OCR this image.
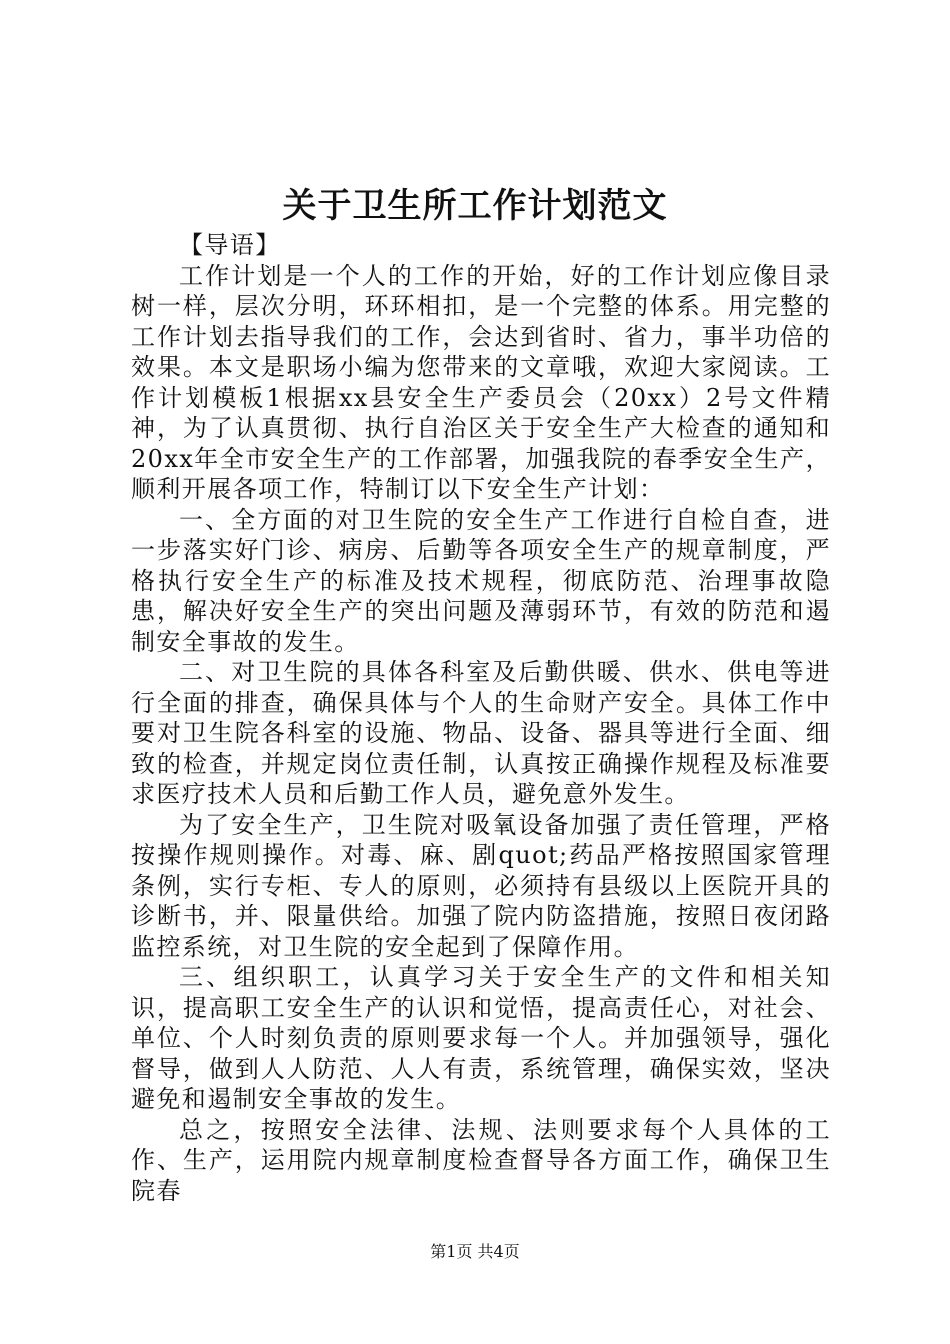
关于卫生所工作计划范文

【导语】

工作计划是一个人的工作的开始，好的工作计划应像目录树一样，层次分明，环环相扣，是一个完整的体系。用完整的工作计划去指导我们的工作，会达到省时、省力，事半功倍的效果。本文是职场小编为您带来的文章哦，欢迎大家阅读。工作计划模板1根据xx县安全生产委员会（20xx）2号文件精神，为了认真贯彻、执行自治区关于安全生产大检查的通知和20xx年全市安全生产的工作部署，加强我院的春季安全生产，顺利开展各项工作，特制订以下安全生产计划：

一、全方面的对卫生院的安全生产工作进行自检自查，进一步落实好门诊、病房、后勤等各项安全生产的规章制度，严格执行安全生产的标准及技术规程，彻底防范、治理事故隐患，解决好安全生产的突出问题及薄弱环节，有效的防范和遏制安全事故的发生。

二、对卫生院的具体各科室及后勤供暖、供水、供电等进行全面的排查，确保具体与个人的生命财产安全。具体工作中要对卫生院各科室的设施、物品、设备、器具等进行全面、细致的检查，并规定岗位责任制，认真按正确操作规程及标准要求医疗技术人员和后勤工作人员，避免意外发生。

为了安全生产，卫生院对吸氧设备加强了责任管理，严格按操作规则操作。对毒、麻、剧quot;药品严格按照国家管理条例，实行专柜、专人的原则，必须持有县级以上医院开具的诊断书，并、限量供给。加强了院内防盗措施，按照日夜闭路监控系统，对卫生院的安全起到了保障作用。

三、组织职工，认真学习关于安全生产的文件和相关知识，提高职工安全生产的认识和觉悟，提高责任心，对社会、单位、个人时刻负责的原则要求每一个人。并加强领导，强化督导，做到人人防范、人人有责，系统管理，确保实效，坚决避免和遏制安全事故的发生。

总之，按照安全法律、法规、法则要求每个人具体的工作、生产，运用院内规章制度检查督导各方面工作，确保卫生院春

第1页 共4页
